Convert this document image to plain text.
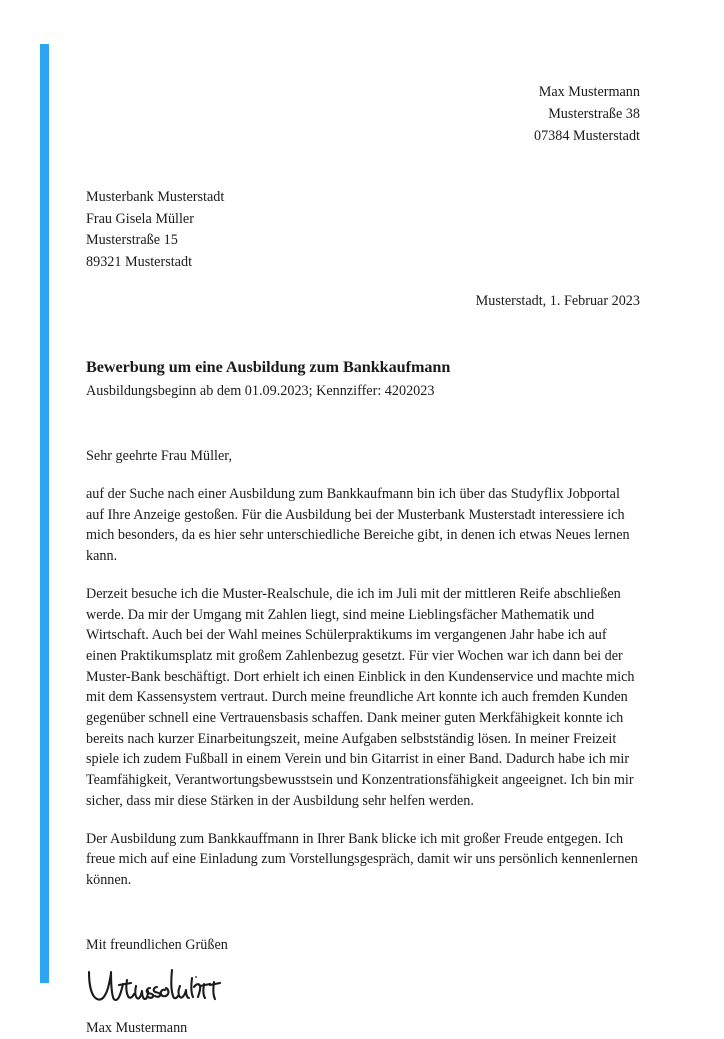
Max Mustermann
Musterstraße 38
07384 Musterstadt
Musterbank Musterstadt
Frau Gisela Müller
Musterstraße 15
89321 Musterstadt
Musterstadt, 1. Februar 2023
Bewerbung um eine Ausbildung zum Bankkaufmann
Ausbildungsbeginn ab dem 01.09.2023; Kennziffer: 4202023
Sehr geehrte Frau Müller,

auf der Suche nach einer Ausbildung zum Bankkaufmann bin ich über das Studyflix Jobportal auf Ihre Anzeige gestoßen. Für die Ausbildung bei der Musterbank Musterstadt interessiere ich mich besonders, da es hier sehr unterschiedliche Bereiche gibt, in denen ich etwas Neues lernen kann.

Derzeit besuche ich die Muster-Realschule, die ich im Juli mit der mittleren Reife abschließen werde. Da mir der Umgang mit Zahlen liegt, sind meine Lieblingsfächer Mathematik und Wirtschaft. Auch bei der Wahl meines Schülerpraktikums im vergangenen Jahr habe ich auf einen Praktikumsplatz mit großem Zahlenbezug gesetzt. Für vier Wochen war ich dann bei der Muster-Bank beschäftigt. Dort erhielt ich einen Einblick in den Kundenservice und machte mich mit dem Kassensystem vertraut. Durch meine freundliche Art konnte ich auch fremden Kunden gegenüber schnell eine Vertrauensbasis schaffen. Dank meiner guten Merkfähigkeit konnte ich bereits nach kurzer Einarbeitungszeit, meine Aufgaben selbstständig lösen. In meiner Freizeit spiele ich zudem Fußball in einem Verein und bin Gitarrist in einer Band. Dadurch habe ich mir Teamfähigkeit, Verantwortungsbewusstsein und Konzentrationsfähigkeit angeeignet. Ich bin mir sicher, dass mir diese Stärken in der Ausbildung sehr helfen werden.

Der Ausbildung zum Bankkauffmann in Ihrer Bank blicke ich mit großer Freude entgegen. Ich freue mich auf eine Einladung zum Vorstellungsgespräch, damit wir uns persönlich kennenlernen können.

Mit freundlichen Grüßen
Max Mustermann
